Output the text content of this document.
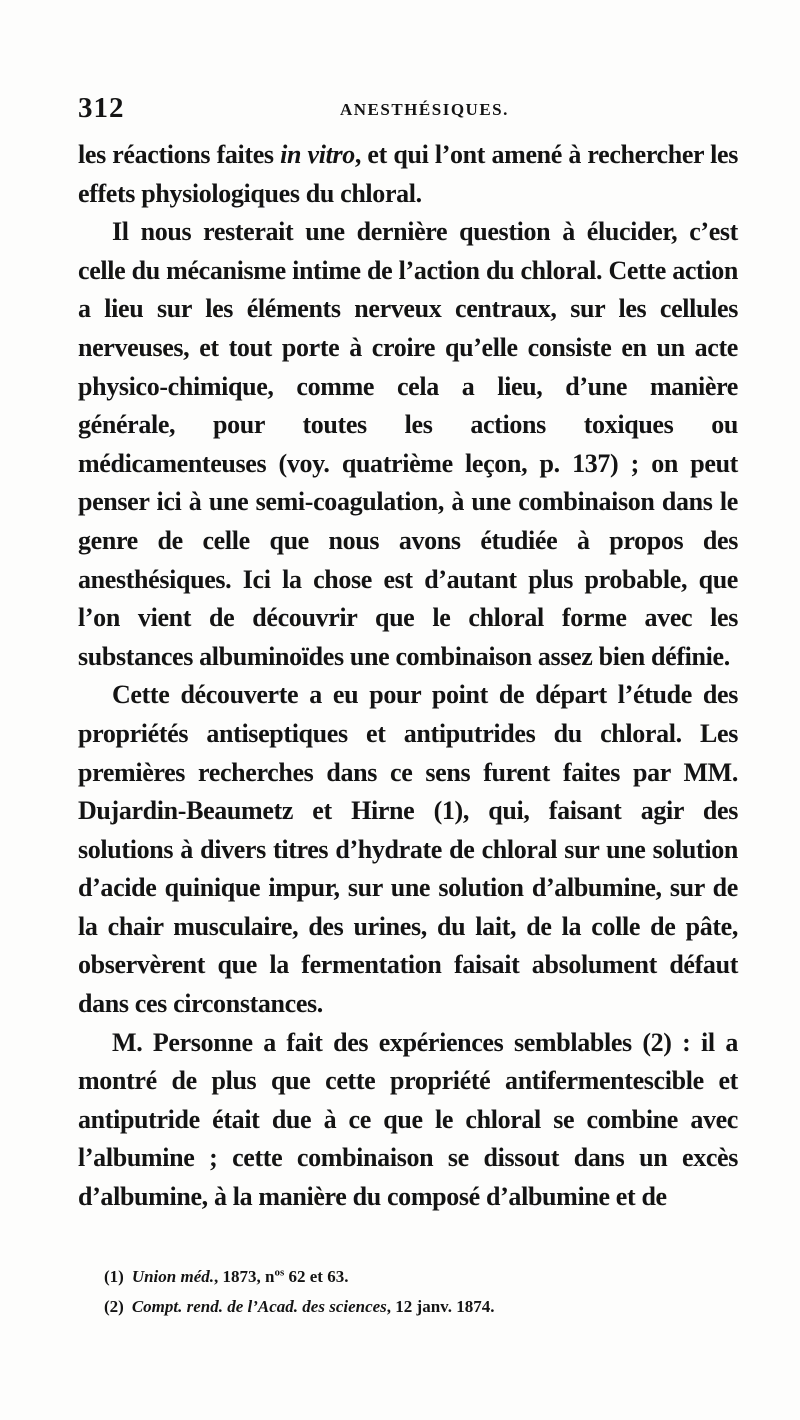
312	ANESTHÉSIQUES.

les réactions faites in vitro, et qui l’ont amené à rechercher les effets physiologiques du chloral.

Il nous resterait une dernière question à élucider, c’est celle du mécanisme intime de l’action du chloral. Cette action a lieu sur les éléments nerveux centraux, sur les cellules nerveuses, et tout porte à croire qu’elle consiste en un acte physico-chimique, comme cela a lieu, d’une manière générale, pour toutes les actions toxiques ou médicamenteuses (voy. quatrième leçon, p. 137) ; on peut penser ici à une semi-coagulation, à une combinaison dans le genre de celle que nous avons étudiée à propos des anesthésiques. Ici la chose est d’autant plus probable, que l’on vient de découvrir que le chloral forme avec les substances albuminoïdes une combinaison assez bien définie.

Cette découverte a eu pour point de départ l’étude des propriétés antiseptiques et antiputrides du chloral. Les premières recherches dans ce sens furent faites par MM. Dujardin-Beaumetz et Hirne (1), qui, faisant agir des solutions à divers titres d’hydrate de chloral sur une solution d’acide quinique impur, sur une solution d’albumine, sur de la chair musculaire, des urines, du lait, de la colle de pâte, observèrent que la fermentation faisait absolument défaut dans ces circonstances.

M. Personne a fait des expériences semblables (2) : il a montré de plus que cette propriété antifermentescible et antiputride était due à ce que le chloral se combine avec l’albumine ; cette combinaison se dissout dans un excès d’albumine, à la manière du composé d’albumine et de

(1) Union méd., 1873, $n^{os}$ 62 et 63.

(2) Compt. rend. de l’Acad. des sciences, 12 janv. 1874.
